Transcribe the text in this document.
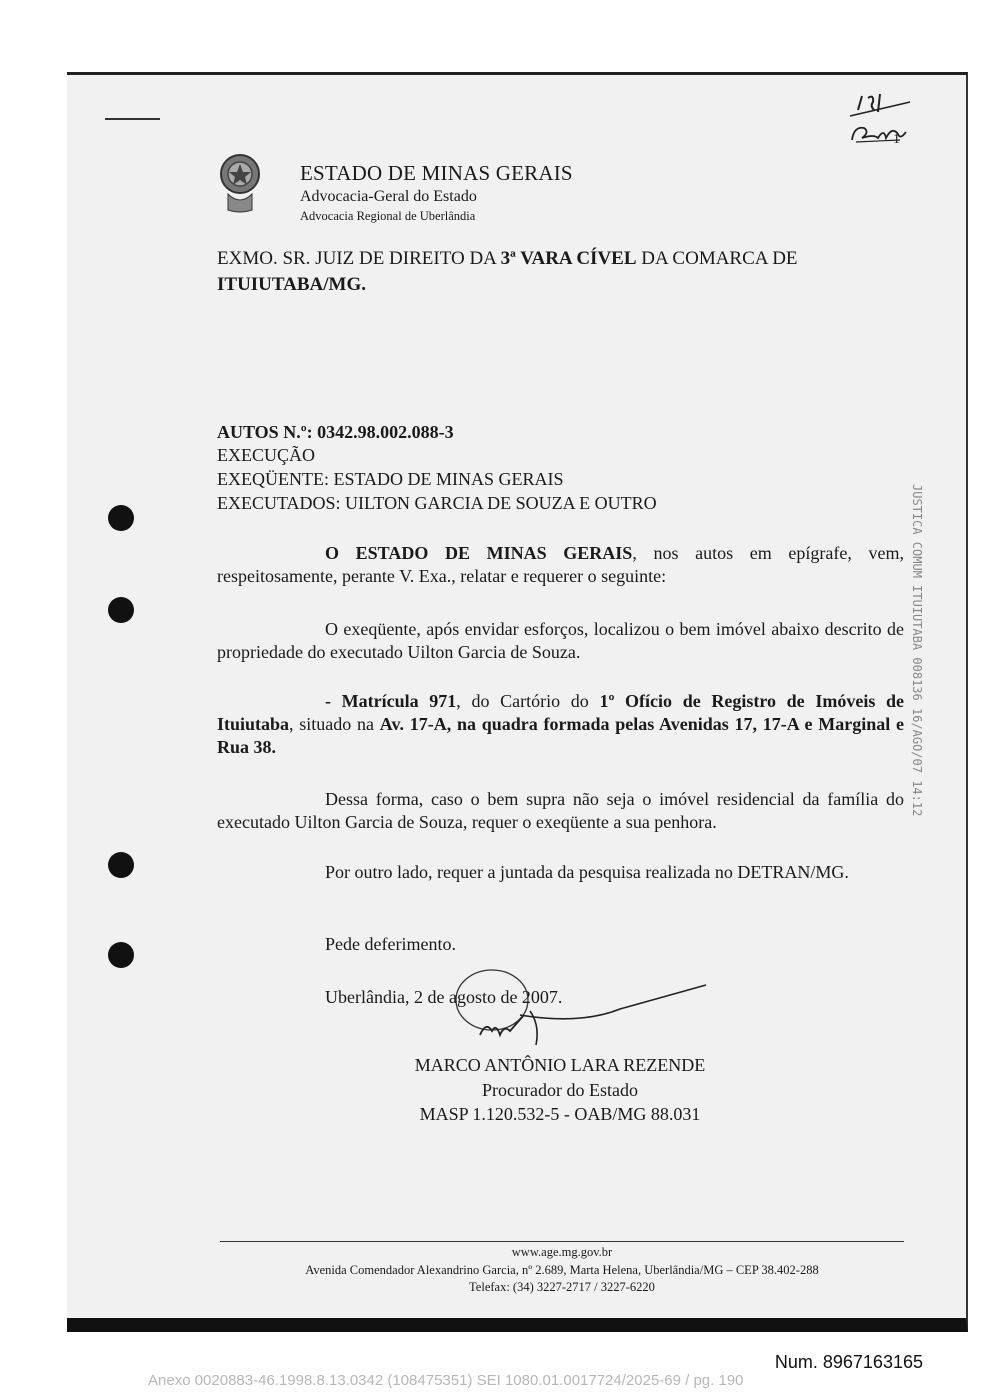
1
ESTADO DE MINAS GERAIS
Advocacia-Geral do Estado
Advocacia Regional de Uberlândia
EXMO. SR. JUIZ DE DIREITO DA 3ª VARA CÍVEL DA COMARCA DE
ITUIUTABA/MG.
AUTOS N.º: 0342.98.002.088-3
EXECUÇÃO
EXEQÜENTE: ESTADO DE MINAS GERAIS
EXECUTADOS: UILTON GARCIA DE SOUZA E OUTRO
O ESTADO DE MINAS GERAIS, nos autos em epígrafe, vem, respeitosamente, perante V. Exa., relatar e requerer o seguinte:
O exeqüente, após envidar esforços, localizou o bem imóvel abaixo descrito de propriedade do executado Uilton Garcia de Souza.
- Matrícula 971, do Cartório do 1º Ofício de Registro de Imóveis de Ituiutaba, situado na Av. 17-A, na quadra formada pelas Avenidas 17, 17-A e Marginal e Rua 38.
Dessa forma, caso o bem supra não seja o imóvel residencial da família do executado Uilton Garcia de Souza, requer o exeqüente a sua penhora.
Por outro lado, requer a juntada da pesquisa realizada no DETRAN/MG.
Pede deferimento.
Uberlândia, 2 de agosto de 2007.
MARCO ANTÔNIO LARA REZENDE
Procurador do Estado
MASP 1.120.532-5 - OAB/MG 88.031
JUSTICA COMUM ITUIUTABA 008136 16/AGO/07 14:12
www.age.mg.gov.br
Avenida Comendador Alexandrino Garcia, nº 2.689, Marta Helena, Uberlândia/MG – CEP 38.402-288
Telefax: (34) 3227-2717 / 3227-6220
Num. 8967163165
Anexo 0020883-46.1998.8.13.0342 (108475351) SEI 1080.01.0017724/2025-69 / pg. 190
